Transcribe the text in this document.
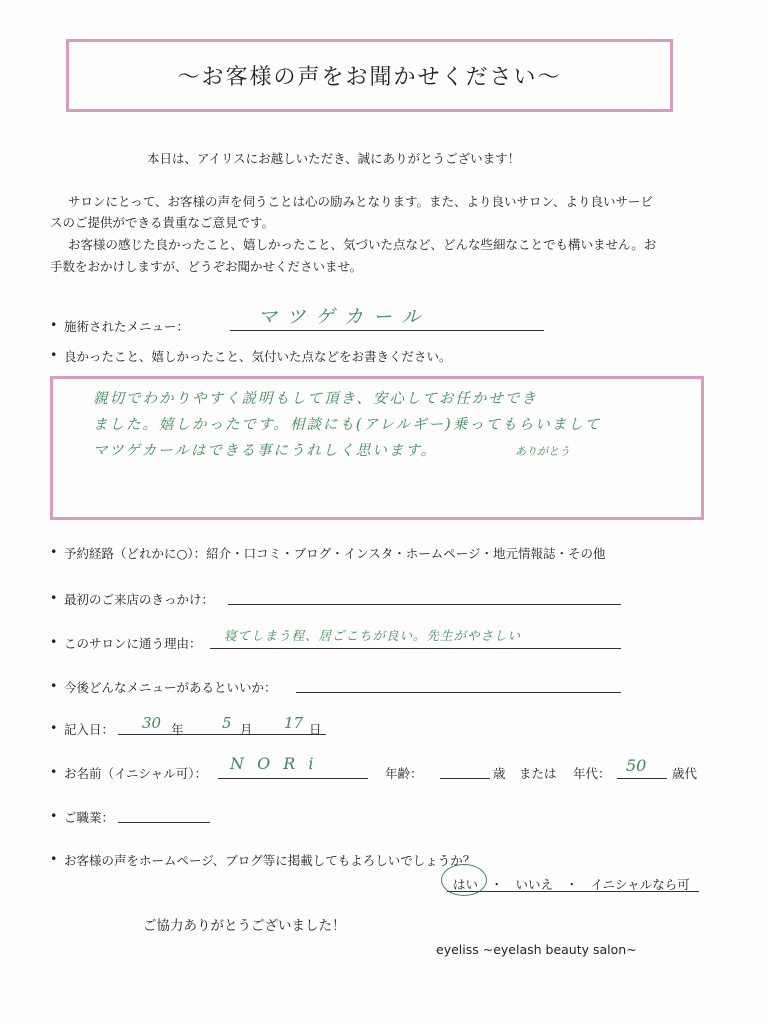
～お客様の声をお聞かせください～
本日は、アイリスにお越しいただき、誠にありがとうございます！
サロンにとって、お客様の声を伺うことは心の励みとなります。また、より良いサロン、より良いサービ
スのご提供ができる貴重なご意見です。
お客様の感じた良かったこと、嬉しかったこと、気づいた点など、どんな些細なことでも構いません。お
手数をおかけしますが、どうぞお聞かせくださいませ。
• 施術されたメニュー：	マツゲカール
• 良かったこと、嬉しかったこと、気付いた点などをお書きください。
親切でわかりやすく説明もして頂き、安心してお任かせでき
ました。嬉しかったです。相談にも(アレルギー)乗ってもらいまして
マツゲカールはできる事にうれしく思います。	ありがとう
• 予約経路（どれかに○）：紹介・口コミ・ブログ・インスタ・ホームページ・地元情報誌・その他
• 最初のご来店のきっかけ：
• このサロンに通う理由：
寝てしまう程、居ごこちが良い。先生がやさしい
• 今後どんなメニューがあるといいか：
• 記入日： 30 年	5 月 17 日
• お名前（イニシャル可）：
N O R i
年齢：	歳 または 年代： 50 歳代
• ご職業：
• お客様の声をホームページ、ブログ等に掲載してもよろしいでしょうか？
はい　・　いいえ　・　イニシャルなら可
ご協力ありがとうございました！
eyeliss ~eyelash beauty salon~
